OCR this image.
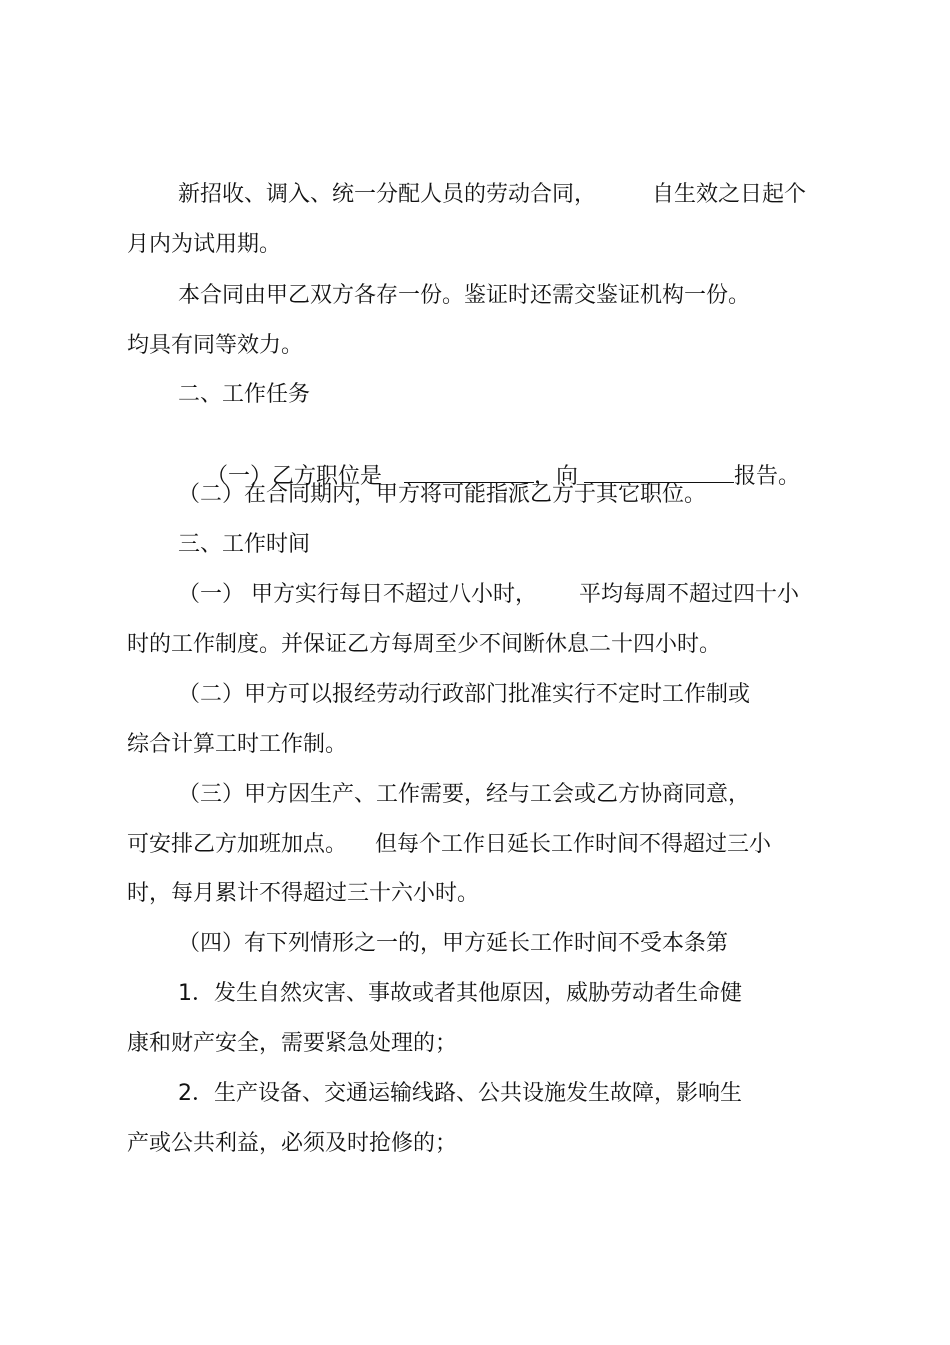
新招收、调入、统一分配人员的劳动合同，        自生效之日起个
月内为试用期。
本合同由甲乙双方各存一份。鉴证时还需交鉴证机构一份。
均具有同等效力。
二、工作任务

（一）乙方职位是	，向	报告。

（二）在合同期内，甲方将可能指派乙方于其它职位。
三、工作时间
（一） 甲方实行每日不超过八小时，      平均每周不超过四十小
时的工作制度。并保证乙方每周至少不间断休息二十四小时。
（二）甲方可以报经劳动行政部门批准实行不定时工作制或
综合计算工时工作制。
（三）甲方因生产、工作需要，经与工会或乙方协商同意，
可安排乙方加班加点。    但每个工作日延长工作时间不得超过三小
时，每月累计不得超过三十六小时。
（四）有下列情形之一的，甲方延长工作时间不受本条第
1．发生自然灾害、事故或者其他原因，威胁劳动者生命健
康和财产安全，需要紧急处理的；
2．生产设备、交通运输线路、公共设施发生故障，影响生
产或公共利益，必须及时抢修的；
